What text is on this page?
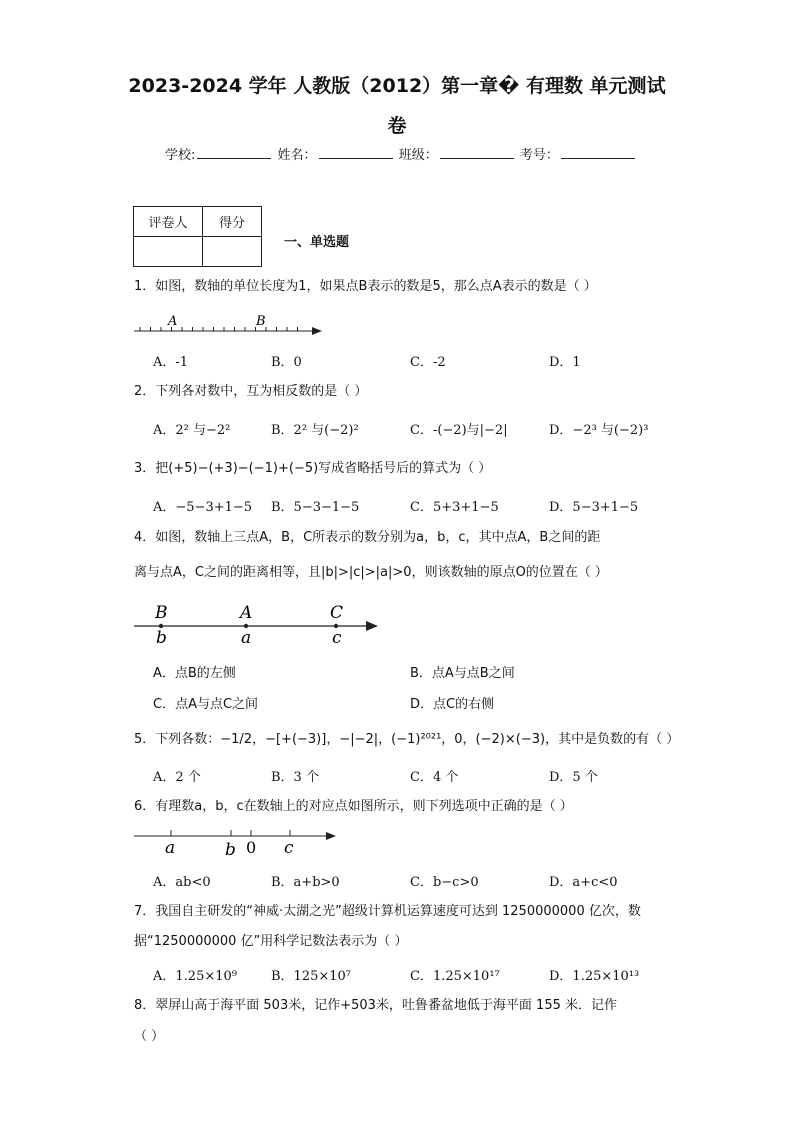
2023-2024 学年 人教版（2012）第一章� 有理数 单元测试
卷
学校:	姓名：	班级：	考号：
评卷人	得分

一、单选题
1．如图，数轴的单位长度为1，如果点B表示的数是5，那么点A表示的数是（ ）
A	B
A．-1	B．0	C．-2	D．1
2．下列各对数中，互为相反数的是（ ）
A．2² 与−2²	B．2² 与(−2)²	C．-(−2)与|−2|	D．−2³ 与(−2)³
3．把(+5)−(+3)−(−1)+(−5)写成省略括号后的算式为（ ）
A．−5−3+1−5 B．5−3−1−5	C．5+3+1−5	D．5−3+1−5
4．如图，数轴上三点A，B，C所表示的数分别为a，b，c，其中点A，B之间的距
离与点A，C之间的距离相等，且|b|>|c|>|a|>0，则该数轴的原点O的位置在（ ）
B	A	C
b	a	c
A．点B的左侧	B．点A与点B之间
C．点A与点C之间	D．点C的右侧
5．下列各数：−1/2，−[+(−3)]，−|−2|，(−1)²⁰²¹，0，(−2)×(−3)，其中是负数的有（ ）
A．2 个	B．3 个	C．4 个	D．5 个
6．有理数a，b，c在数轴上的对应点如图所示，则下列选项中正确的是（ ）
a	b 0 c
A．ab<0	B．a+b>0	C．b−c>0	D．a+c<0
7．我国自主研发的“神威·太湖之光”超级计算机运算速度可达到 1250000000 亿次，数
据“1250000000 亿”用科学记数法表示为（ ）
A．1.25×10⁹	B．125×10⁷	C．1.25×10¹⁷	D．1.25×10¹³
8．翠屏山高于海平面 503米，记作+503米，吐鲁番盆地低于海平面 155 米．记作
（ ）
